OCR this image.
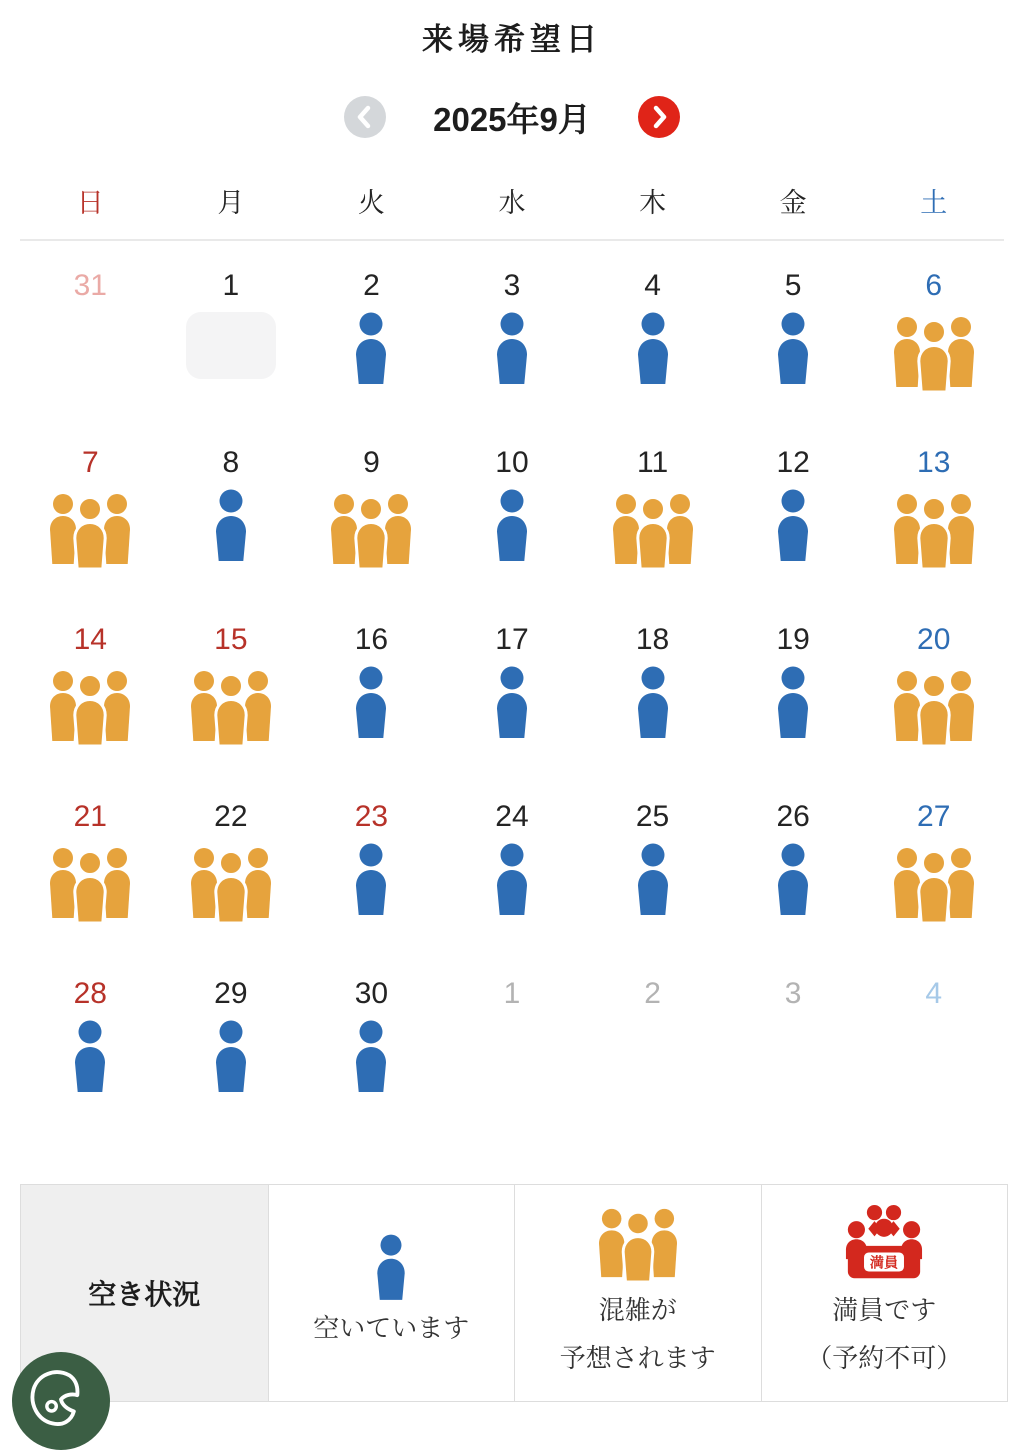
来場希望日
2025年9月
日	月	火	水	木	金	土
31	1	2	3	4	5	6
7	8	9	10	11	12	13
14	15	16	17	18	19	20
21	22	23	24	25	26	27
28	29	30	1	2	3	4
空き状況
空いています
混雑が
予想されます
満員
満員です
（予約不可）
